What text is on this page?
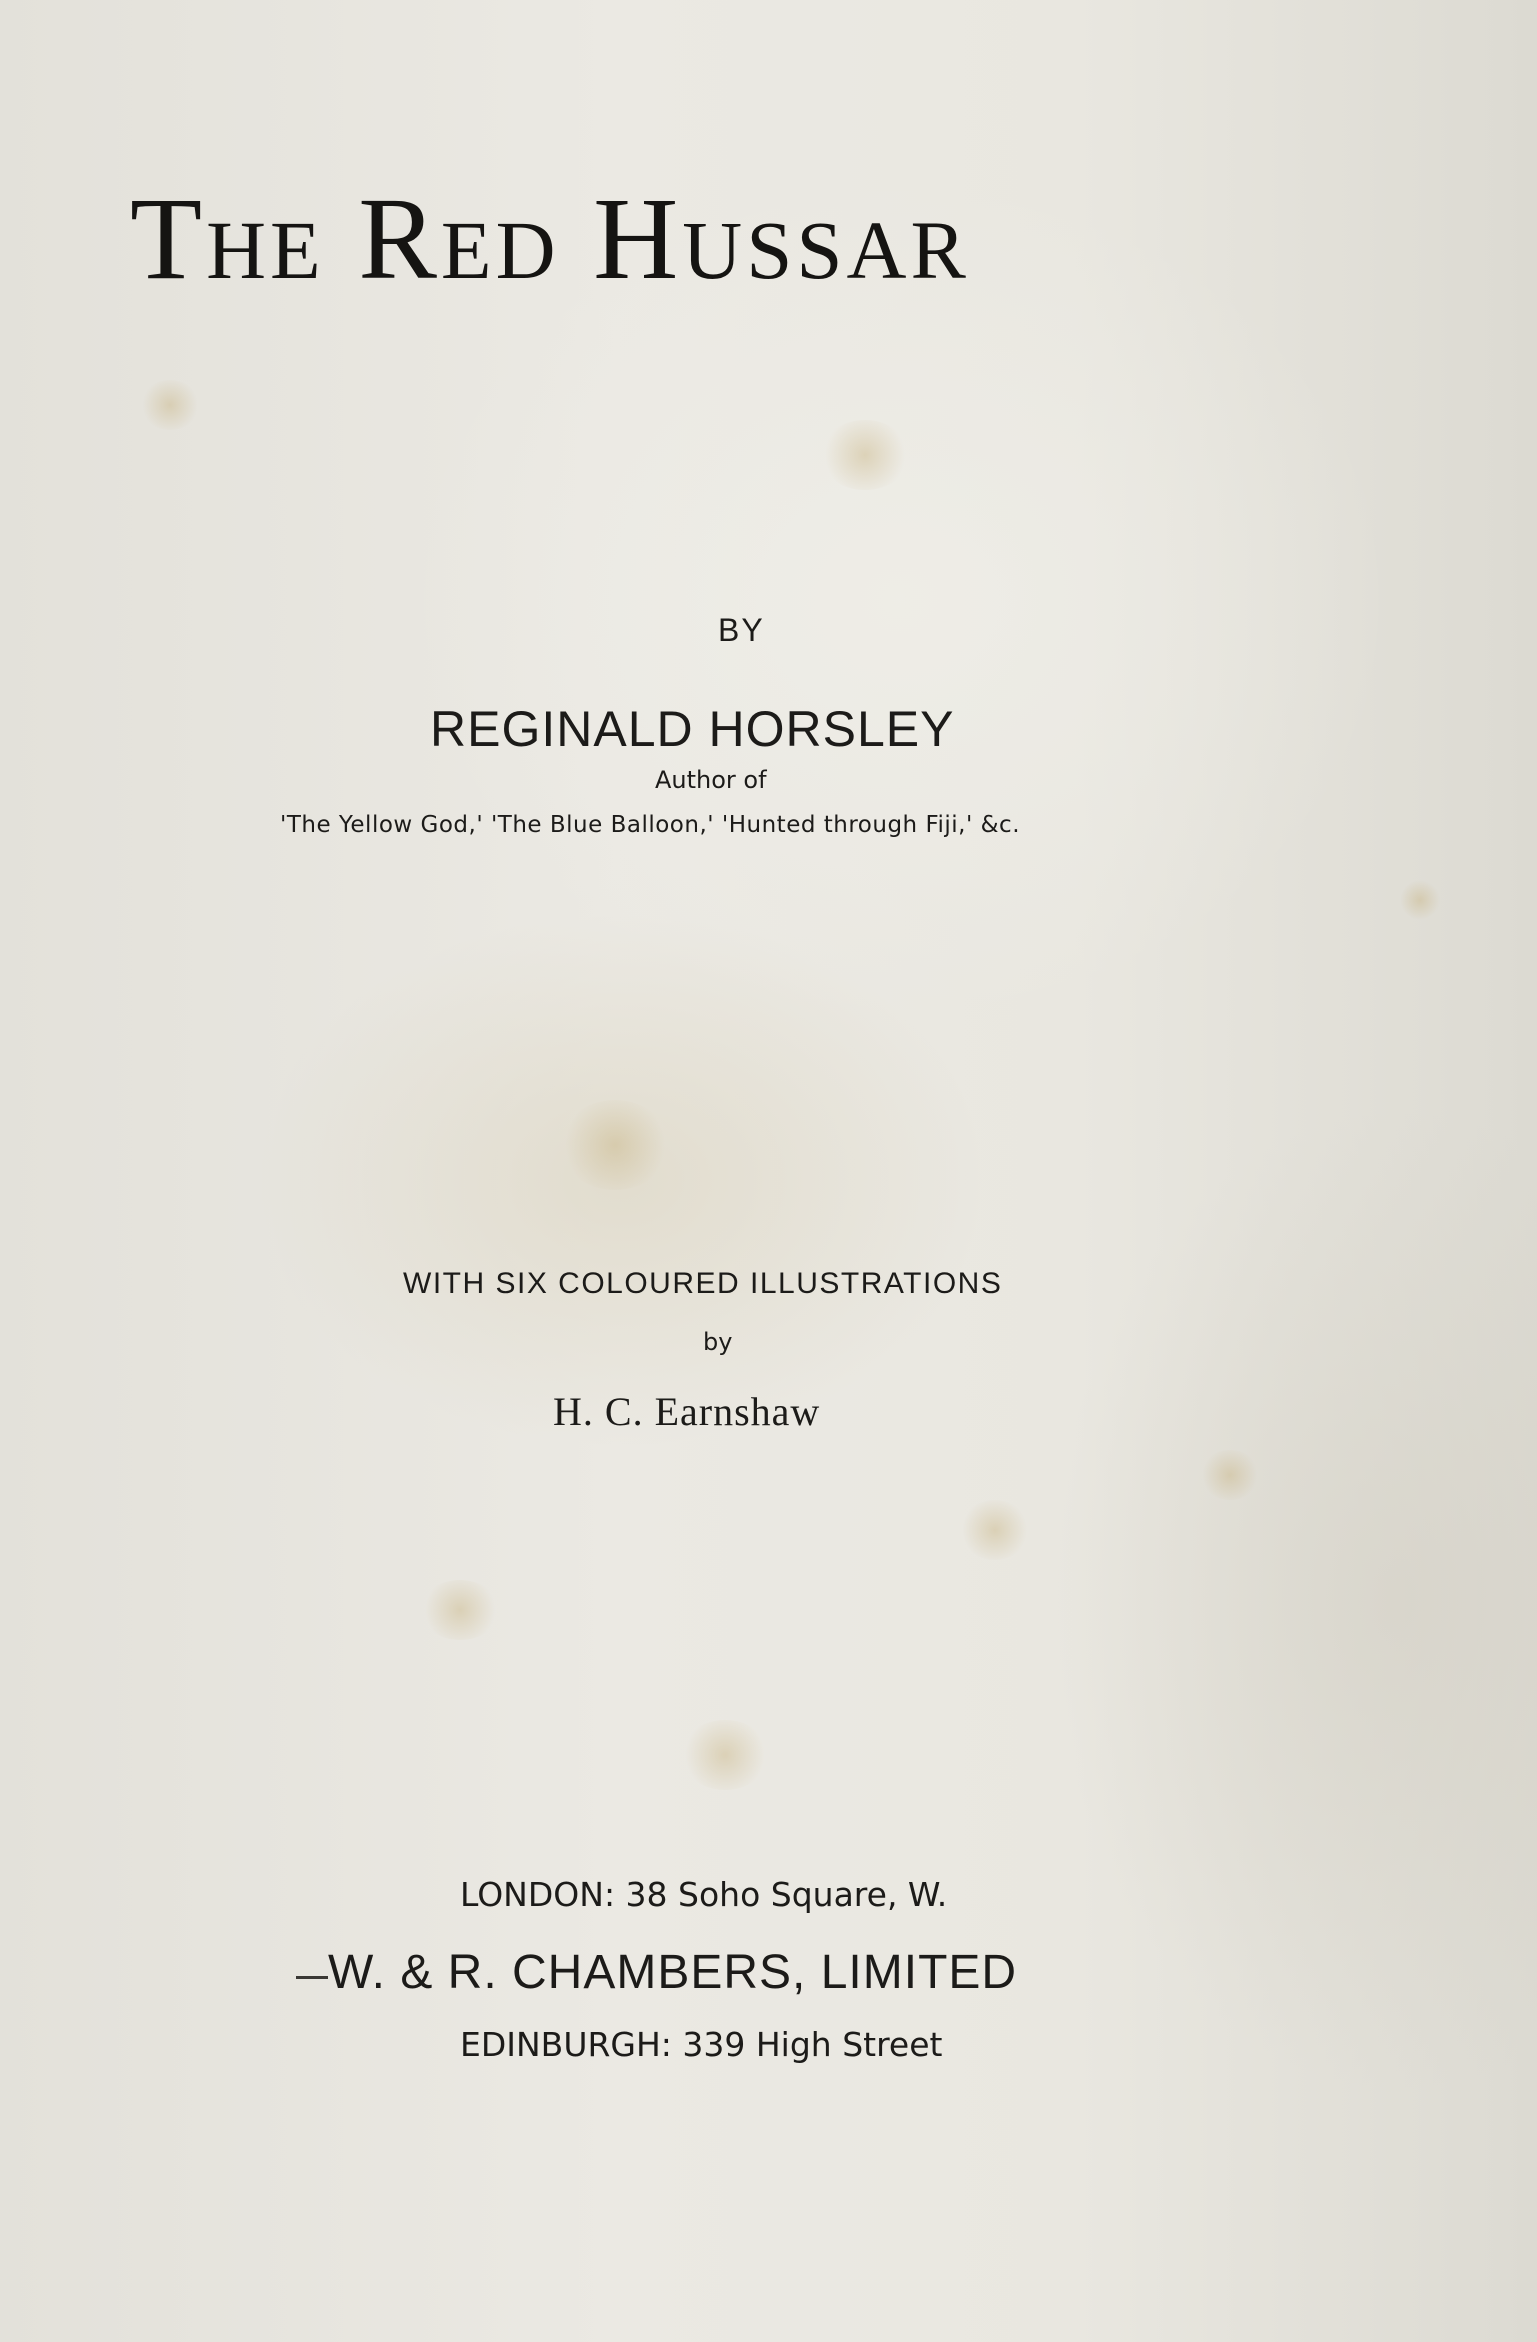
The Red Hussar
BY
REGINALD HORSLEY
Author of
'The Yellow God,' 'The Blue Balloon,' 'Hunted through Fiji,' &c.
WITH SIX COLOURED ILLUSTRATIONS
by
H. C. Earnshaw
LONDON: 38 Soho Square, W.
W. & R. CHAMBERS, LIMITED
EDINBURGH: 339 High Street
